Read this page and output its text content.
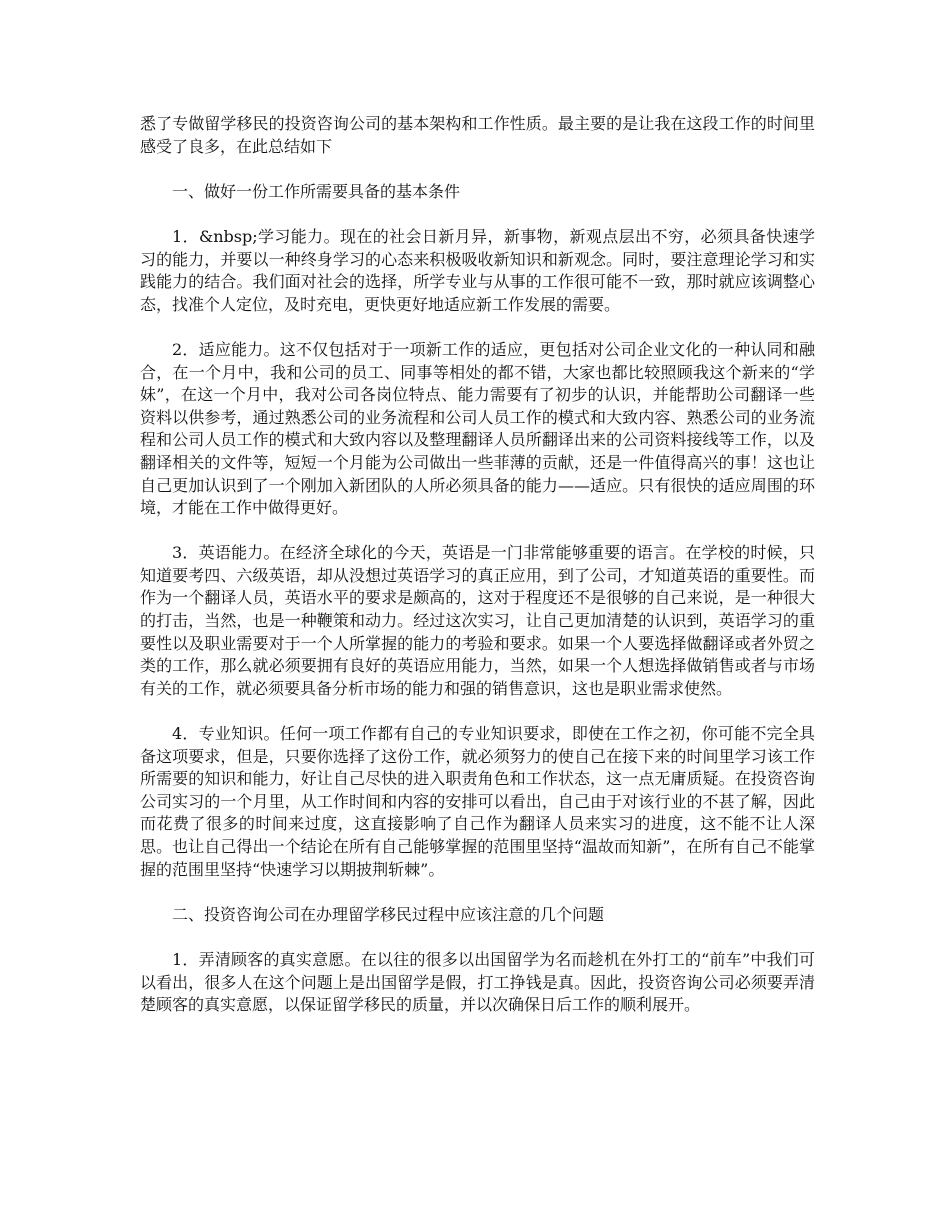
悉了专做留学移民的投资咨询公司的基本架构和工作性质。最主要的是让我在这段工作的时间里感受了良多，在此总结如下

一、做好一份工作所需要具备的基本条件

1．&nbsp;学习能力。现在的社会日新月异，新事物，新观点层出不穷，必须具备快速学习的能力，并要以一种终身学习的心态来积极吸收新知识和新观念。同时，要注意理论学习和实践能力的结合。我们面对社会的选择，所学专业与从事的工作很可能不一致，那时就应该调整心态，找准个人定位，及时充电，更快更好地适应新工作发展的需要。

2．适应能力。这不仅包括对于一项新工作的适应，更包括对公司企业文化的一种认同和融合，在一个月中，我和公司的员工、同事等相处的都不错，大家也都比较照顾我这个新来的“学妹”，在这一个月中，我对公司各岗位特点、能力需要有了初步的认识，并能帮助公司翻译一些资料以供参考，通过熟悉公司的业务流程和公司人员工作的模式和大致内容、熟悉公司的业务流程和公司人员工作的模式和大致内容以及整理翻译人员所翻译出来的公司资料接线等工作，以及翻译相关的文件等，短短一个月能为公司做出一些菲薄的贡献，还是一件值得高兴的事！这也让自己更加认识到了一个刚加入新团队的人所必须具备的能力——适应。只有很快的适应周围的环境，才能在工作中做得更好。

3．英语能力。在经济全球化的今天，英语是一门非常能够重要的语言。在学校的时候，只知道要考四、六级英语，却从没想过英语学习的真正应用，到了公司，才知道英语的重要性。而作为一个翻译人员，英语水平的要求是颇高的，这对于程度还不是很够的自己来说，是一种很大的打击，当然，也是一种鞭策和动力。经过这次实习，让自己更加清楚的认识到，英语学习的重要性以及职业需要对于一个人所掌握的能力的考验和要求。如果一个人要选择做翻译或者外贸之类的工作，那么就必须要拥有良好的英语应用能力，当然，如果一个人想选择做销售或者与市场有关的工作，就必须要具备分析市场的能力和强的销售意识，这也是职业需求使然。

4．专业知识。任何一项工作都有自己的专业知识要求，即使在工作之初，你可能不完全具备这项要求，但是，只要你选择了这份工作，就必须努力的使自己在接下来的时间里学习该工作所需要的知识和能力，好让自己尽快的进入职责角色和工作状态，这一点无庸质疑。在投资咨询公司实习的一个月里，从工作时间和内容的安排可以看出，自己由于对该行业的不甚了解，因此而花费了很多的时间来过度，这直接影响了自己作为翻译人员来实习的进度，这不能不让人深思。也让自己得出一个结论在所有自己能够掌握的范围里坚持“温故而知新”，在所有自己不能掌握的范围里坚持“快速学习以期披荆斩棘”。

二、投资咨询公司在办理留学移民过程中应该注意的几个问题

1．弄清顾客的真实意愿。在以往的很多以出国留学为名而趁机在外打工的“前车”中我们可以看出，很多人在这个问题上是出国留学是假，打工挣钱是真。因此，投资咨询公司必须要弄清楚顾客的真实意愿，以保证留学移民的质量，并以次确保日后工作的顺利展开。
